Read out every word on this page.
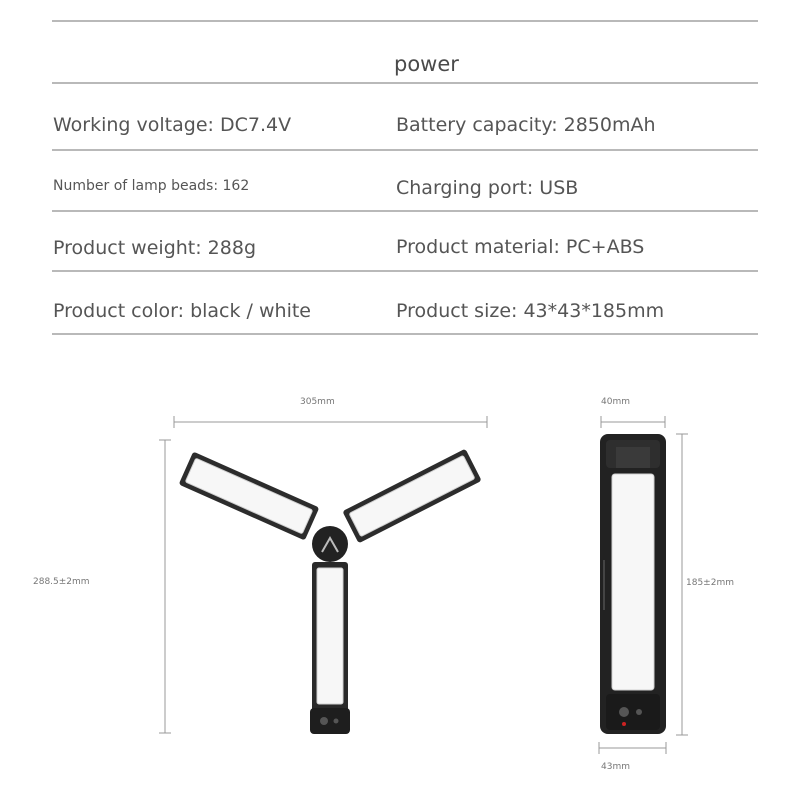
power
Working voltage: DC7.4V	Battery capacity: 2850mAh
Number of lamp beads: 162	Charging port: USB
Product weight: 288g	Product material: PC+ABS
Product color: black / white	Product size: 43*43*185mm
305mm
288.5±2mm
40mm
185±2mm
43mm
